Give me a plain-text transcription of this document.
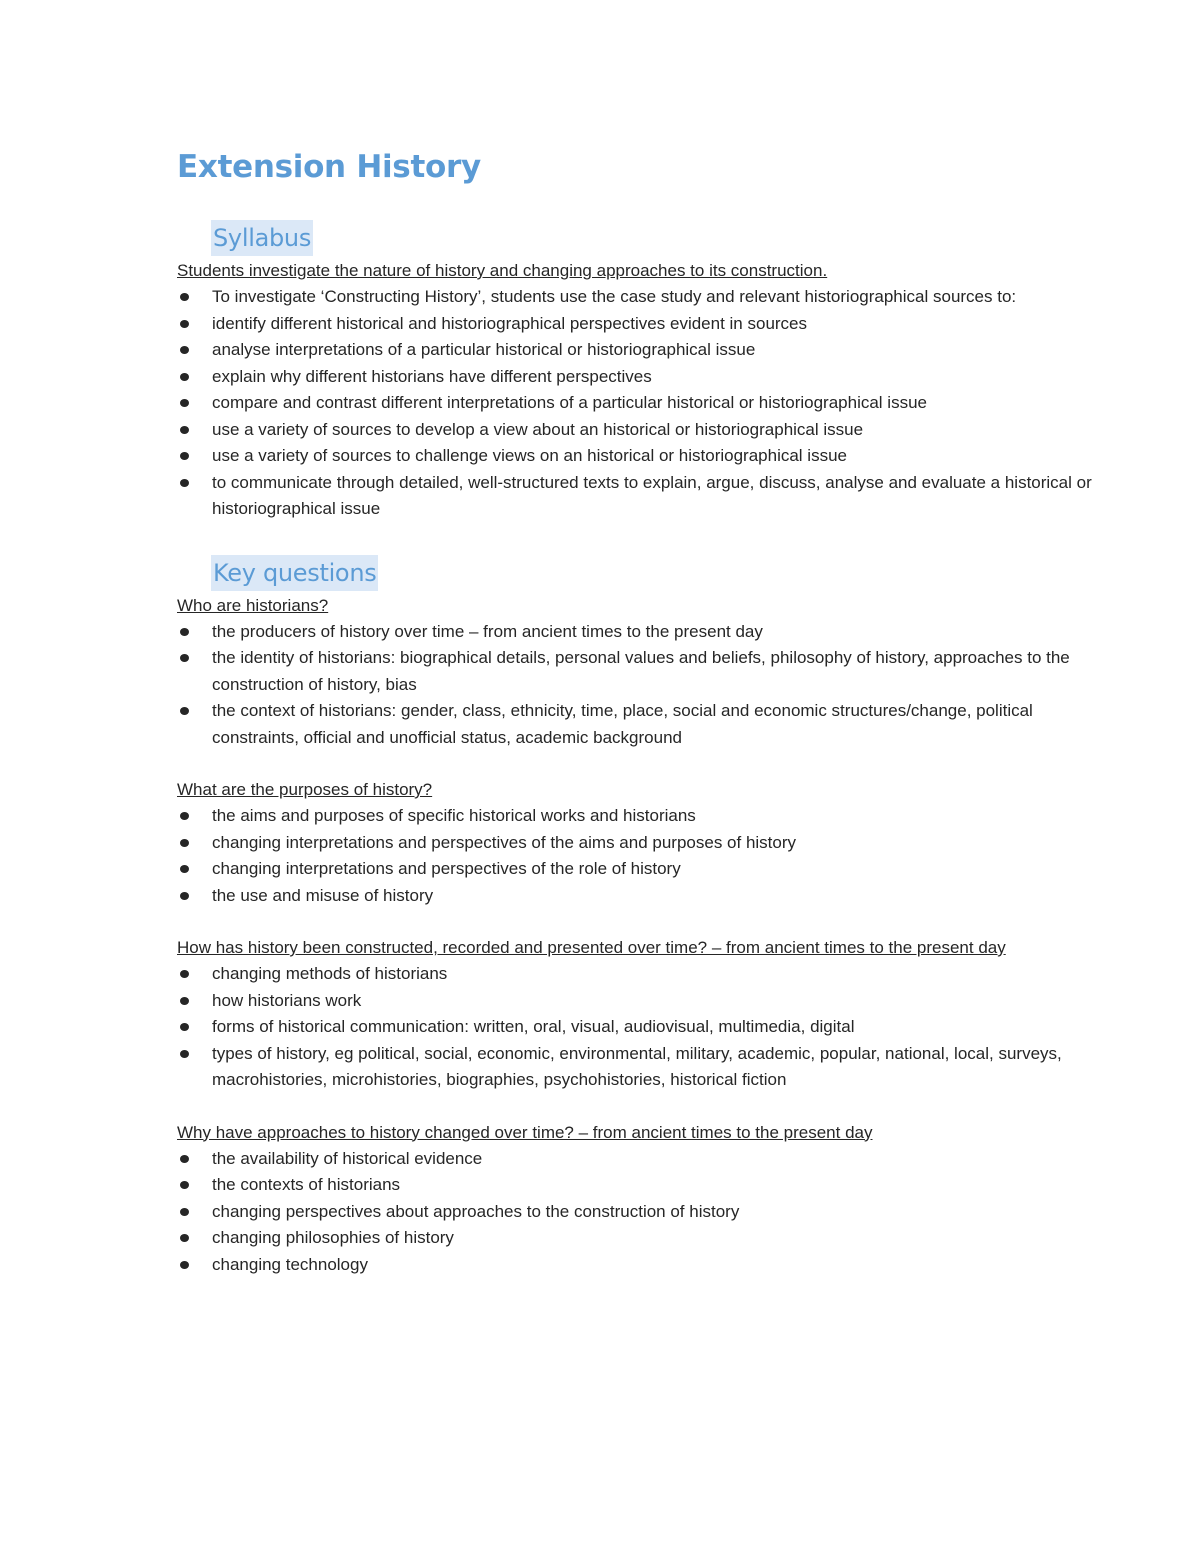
Extension History
Syllabus

Students investigate the nature of history and changing approaches to its construction.

To investigate ‘Constructing History’, students use the case study and relevant historiographical sources to:
identify different historical and historiographical perspectives evident in sources
analyse interpretations of a particular historical or historiographical issue
explain why different historians have different perspectives
compare and contrast different interpretations of a particular historical or historiographical issue
use a variety of sources to develop a view about an historical or historiographical issue
use a variety of sources to challenge views on an historical or historiographical issue
to communicate through detailed, well-structured texts to explain, argue, discuss, analyse and evaluate a historical or historiographical issue
Key questions

Who are historians?

the producers of history over time – from ancient times to the present day
the identity of historians: biographical details, personal values and beliefs, philosophy of history, approaches to the construction of history, bias
the context of historians: gender, class, ethnicity, time, place, social and economic structures/change, political constraints, official and unofficial status, academic background

What are the purposes of history?

the aims and purposes of specific historical works and historians
changing interpretations and perspectives of the aims and purposes of history
changing interpretations and perspectives of the role of history
the use and misuse of history

How has history been constructed, recorded and presented over time? – from ancient times to the present day

changing methods of historians
how historians work
forms of historical communication: written, oral, visual, audiovisual, multimedia, digital
types of history, eg political, social, economic, environmental, military, academic, popular, national, local, surveys, macrohistories, microhistories, biographies, psychohistories, historical fiction

Why have approaches to history changed over time? – from ancient times to the present day

the availability of historical evidence
the contexts of historians
changing perspectives about approaches to the construction of history
changing philosophies of history
changing technology
